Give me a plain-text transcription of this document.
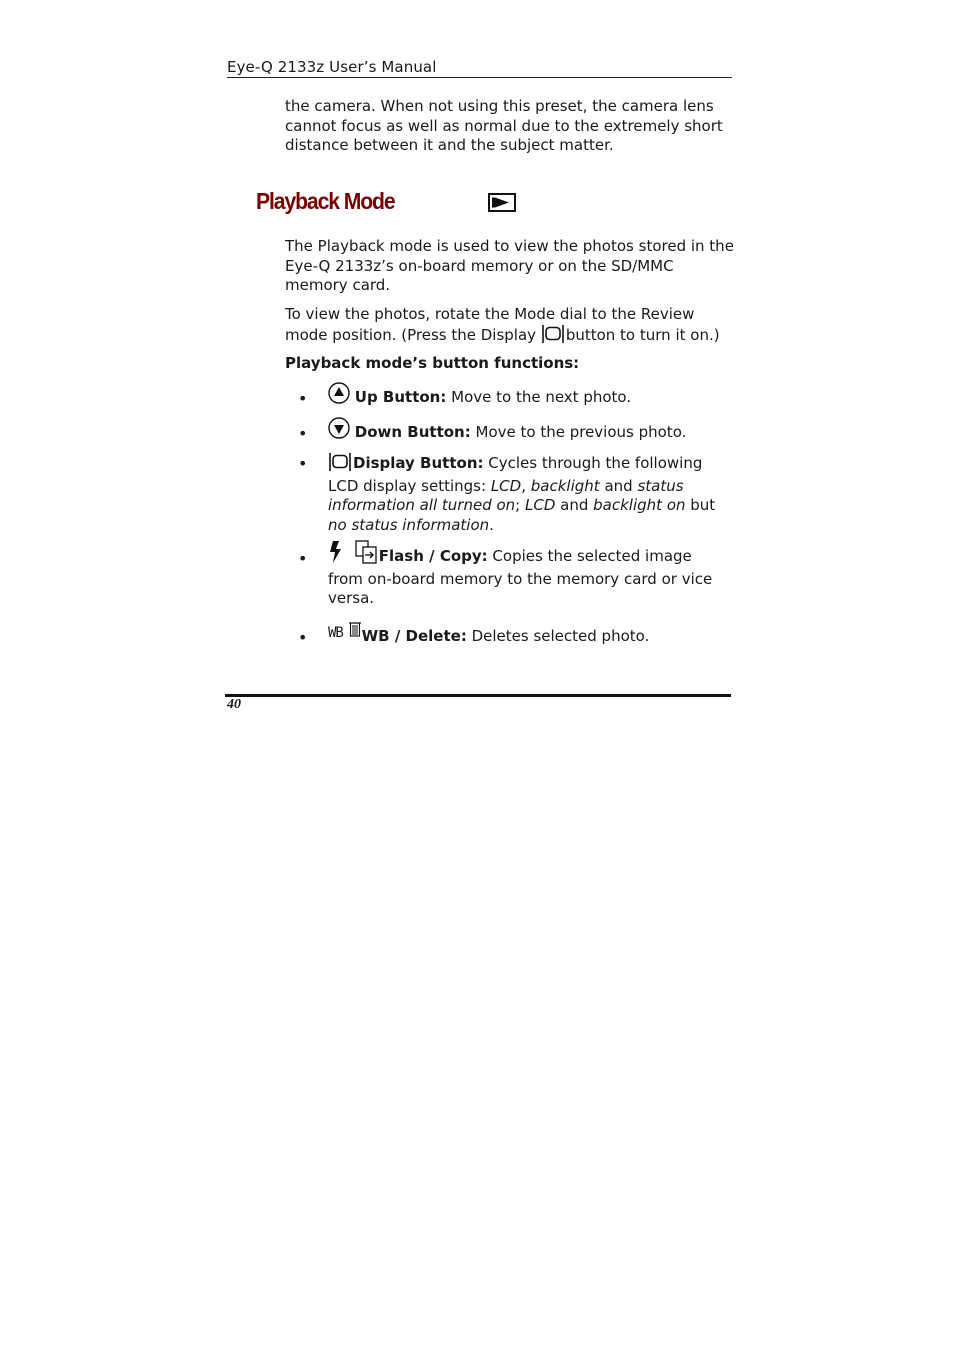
Eye-Q 2133z User’s Manual
the camera. When not using this preset, the camera lens cannot focus as well as normal due to the extremely short distance between it and the subject matter.
Playback Mode
The Playback mode is used to view the photos stored in the Eye-Q 2133z’s on-board memory or on the SD/MMC memory card.
To view the photos, rotate the Mode dial to the Review mode position. (Press the Display button to turn it on.)
Playback mode’s button functions:
•	Up Button: Move to the next photo.
•	Down Button: Move to the previous photo.
•	Display Button: Cycles through the following LCD display settings: LCD, backlight and status information all turned on; LCD and backlight on but no status information.
•	Flash / Copy: Copies the selected image from on-board memory to the memory card or vice versa.
• WB WB / Delete: Deletes selected photo.
40
